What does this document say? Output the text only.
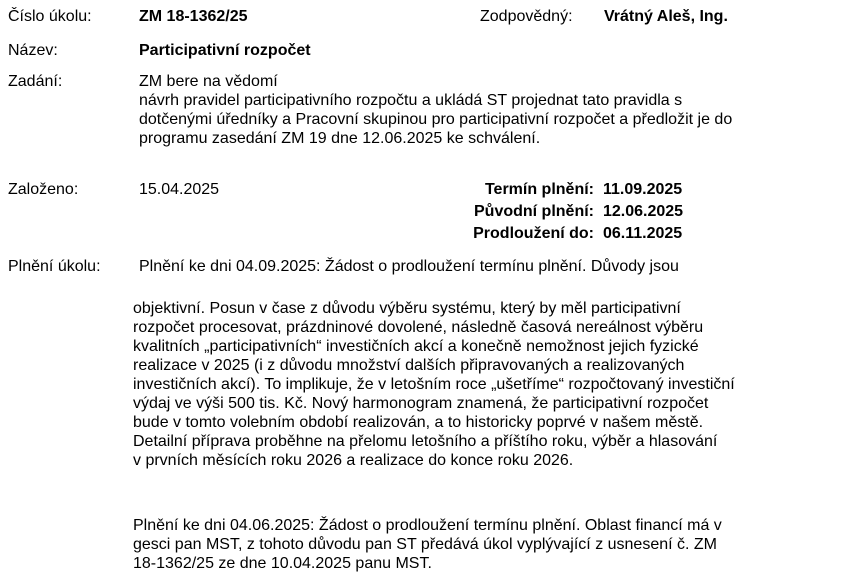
Číslo úkolu:	ZM 18-1362/25	Zodpovědný: Vrátný Aleš, Ing.
Název:	Participativní rozpočet
Zadání:	ZM bere na vědomí
návrh pravidel participativního rozpočtu a ukládá ST projednat tato pravidla s
dotčenými úředníky a Pracovní skupinou pro participativní rozpočet a předložit je do
programu zasedání ZM 19 dne 12.06.2025 ke schválení.
Založeno:	15.04.2025	Termín plnění: 11.09.2025
Původní plnění: 12.06.2025
Prodloužení do: 06.11.2025
Plnění úkolu: Plnění ke dni 04.09.2025: Žádost o prodloužení termínu plnění. Důvody jsou
objektivní. Posun v čase z důvodu výběru systému, který by měl participativní
rozpočet procesovat, prázdninové dovolené, následně časová nereálnost výběru
kvalitních „participativních“ investičních akcí a konečně nemožnost jejich fyzické
realizace v 2025 (i z důvodu množství dalších připravovaných a realizovaných
investičních akcí). To implikuje, že v letošním roce „ušetříme“ rozpočtovaný investiční
výdaj ve výši 500 tis. Kč. Nový harmonogram znamená, že participativní rozpočet
bude v tomto volebním období realizován, a to historicky poprvé v našem městě.
Detailní příprava proběhne na přelomu letošního a příštího roku, výběr a hlasování
v prvních měsících roku 2026 a realizace do konce roku 2026.
Plnění ke dni 04.06.2025: Žádost o prodloužení termínu plnění. Oblast financí má v
gesci pan MST, z tohoto důvodu pan ST předává úkol vyplývající z usnesení č. ZM
18-1362/25 ze dne 10.04.2025 panu MST.
